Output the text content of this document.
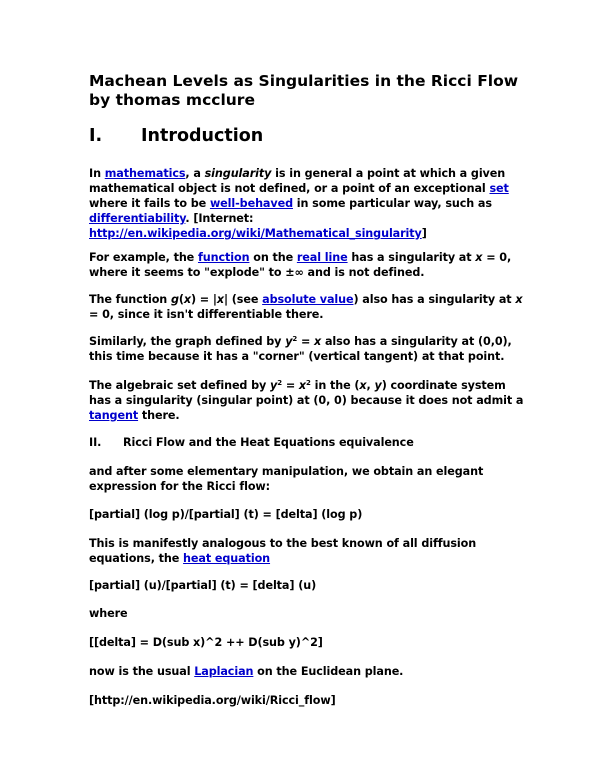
Machean Levels as Singularities in the Ricci Flow
by thomas mcclure
I. Introduction
In mathematics, a singularity is in general a point at which a given mathematical object is not defined, or a point of an exceptional set where it fails to be well-behaved in some particular way, such as differentiability. [Internet: http://en.wikipedia.org/wiki/Mathematical_singularity]
For example, the function on the real line has a singularity at x = 0, where it seems to "explode" to ±∞ and is not defined.
The function g(x) = |x| (see absolute value) also has a singularity at x = 0, since it isn't differentiable there.
Similarly, the graph defined by $y^2 = x$ also has a singularity at (0,0), this time because it has a "corner" (vertical tangent) at that point.
The algebraic set defined by $y^2 = x^2$ in the (x, y) coordinate system has a singularity (singular point) at (0, 0) because it does not admit a tangent there.
II. Ricci Flow and the Heat Equations equivalence
and after some elementary manipulation, we obtain an elegant expression for the Ricci flow:
[partial] (log p)/[partial] (t) = [delta] (log p)
This is manifestly analogous to the best known of all diffusion equations, the heat equation
[partial] (u)/[partial] (t) = [delta] (u)
where
[[delta] = D(sub x)^2 ++ D(sub y)^2]
now is the usual Laplacian on the Euclidean plane.
[http://en.wikipedia.org/wiki/Ricci_flow]
